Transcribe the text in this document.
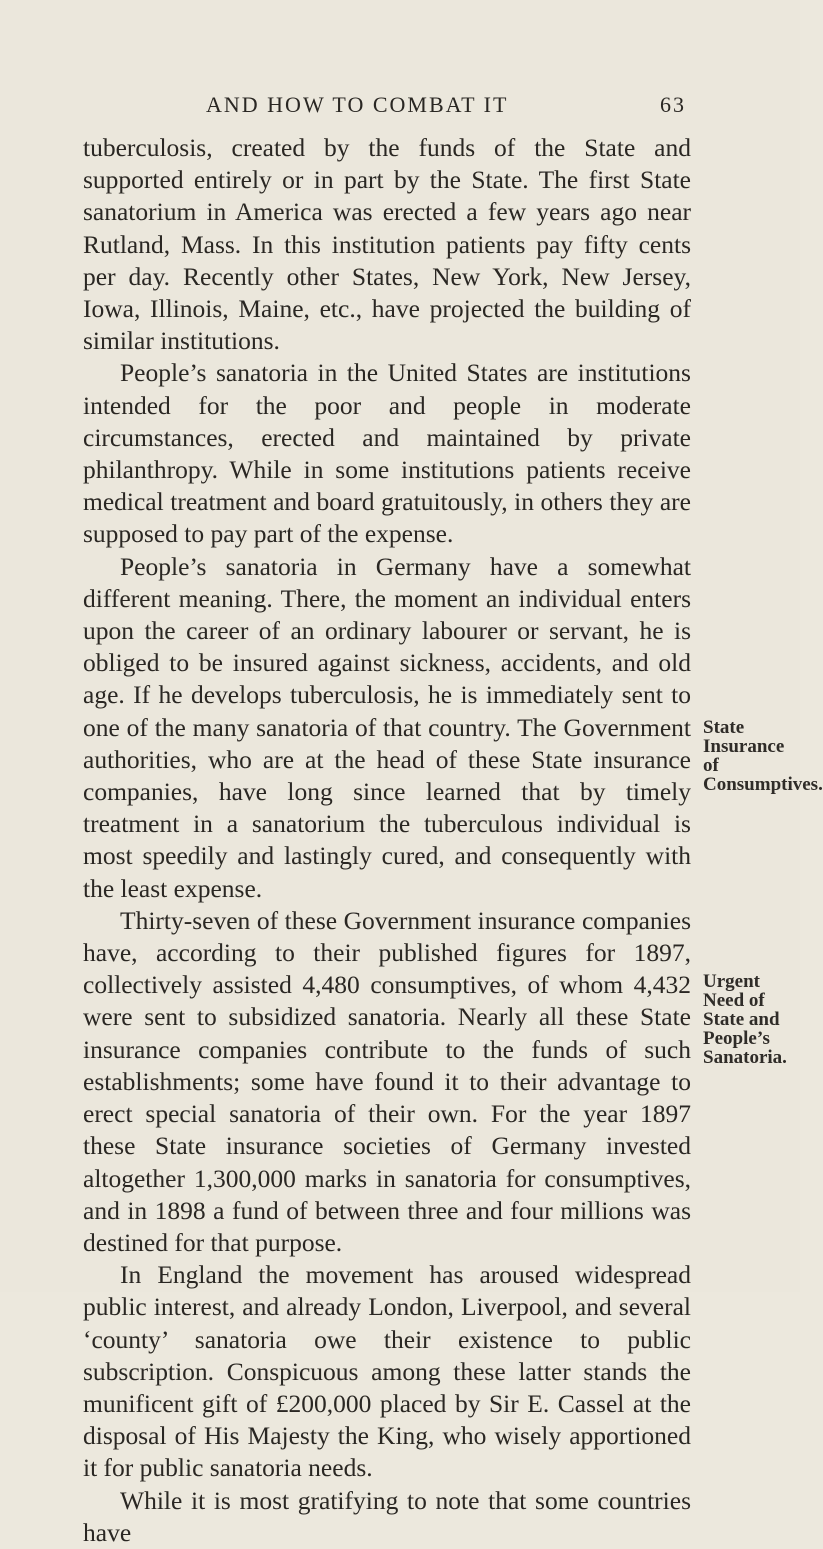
AND HOW TO COMBAT IT	63

tuberculosis, created by the funds of the State and supported entirely or in part by the State. The first State sanatorium in America was erected a few years ago near Rutland, Mass. In this institution patients pay fifty cents per day. Recently other States, New York, New Jersey, Iowa, Illinois, Maine, etc., have projected the building of similar institutions.

People’s sanatoria in the United States are institutions intended for the poor and people in moderate circumstances, erected and maintained by private philanthropy. While in some institutions patients receive medical treatment and board gratuitously, in others they are supposed to pay part of the expense.

People’s sanatoria in Germany have a somewhat different meaning. There, the moment an individual enters upon the career of an ordinary labourer or servant, he is obliged to be insured against sickness, accidents, and old age. If he develops tuberculosis, he is immediately sent to one of the many sanatoria of that country. The Government authorities, who are at the head of these State insurance companies, have long since learned that by timely treatment in a sanatorium the tuberculous individual is most speedily and lastingly cured, and consequently with the least expense.

Thirty-seven of these Government insurance companies have, according to their published figures for 1897, collectively assisted 4,480 consumptives, of whom 4,432 were sent to subsidized sanatoria. Nearly all these State insurance companies contribute to the funds of such establishments; some have found it to their advantage to erect special sanatoria of their own. For the year 1897 these State insurance societies of Germany invested altogether 1,300,000 marks in sanatoria for consumptives, and in 1898 a fund of between three and four millions was destined for that purpose.

In England the movement has aroused widespread public interest, and already London, Liverpool, and several ‘county’ sanatoria owe their existence to public subscription. Conspicuous among these latter stands the munificent gift of £200,000 placed by Sir E. Cassel at the disposal of His Majesty the King, who wisely apportioned it for public sanatoria needs.

While it is most gratifying to note that some countries have

State Insurance of Consumptives.
Urgent Need of State and People’s Sanatoria.
